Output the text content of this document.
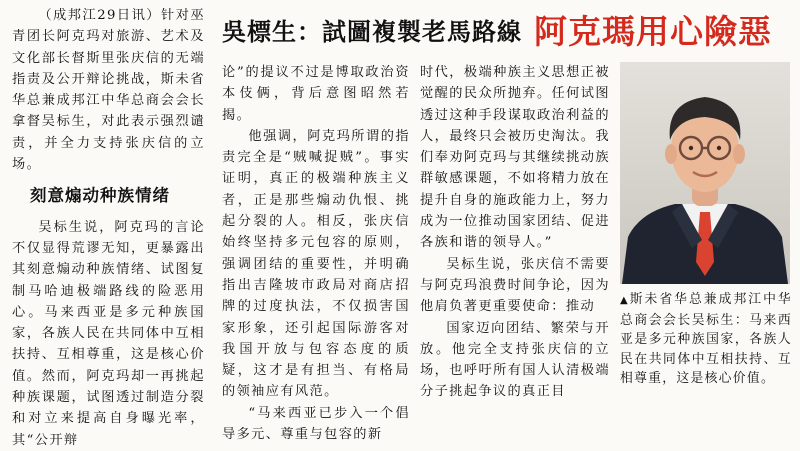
（成邦江29日讯）针对巫青团长阿克玛对旅游、艺术及文化部长督斯里张庆信的无端指责及公开辩论挑战，斯未省华总兼成邦江中华总商会会长拿督吴标生，对此表示强烈谴责，并全力支持张庆信的立场。

刻意煽动种族情绪

吴标生说，阿克玛的言论不仅显得荒谬无知，更暴露出其刻意煽动种族情绪、试图复制马哈迪极端路线的险恶用心。马来西亚是多元种族国家，各族人民在共同体中互相扶持、互相尊重，这是核心价值。然而，阿克玛却一再挑起种族课题，试图透过制造分裂和对立来提高自身曝光率，其“公开辩

吳標生：試圖複製老馬路線 阿克瑪用心險惡

论”的提议不过是博取政治资本伎俩，背后意图昭然若揭。

他强调，阿克玛所谓的指责完全是“贼喊捉贼”。事实证明，真正的极端种族主义者，正是那些煽动仇恨、挑起分裂的人。相反，张庆信始终坚持多元包容的原则，强调团结的重要性，并明确指出吉隆坡市政局对商店招牌的过度执法，不仅损害国家形象，还引起国际游客对我国开放与包容态度的质疑，这才是有担当、有格局的领袖应有风范。

“马来西亚已步入一个倡导多元、尊重与包容的新

时代，极端种族主义思想正被觉醒的民众所抛弃。任何试图透过这种手段谋取政治利益的人，最终只会被历史淘汰。我们奉劝阿克玛与其继续挑动族群敏感课题，不如将精力放在提升自身的施政能力上，努力成为一位推动国家团结、促进各族和谐的领导人。”

吴标生说，张庆信不需要与阿克玛浪费时间争论，因为他肩负著更重要使命：推动

国家迈向团结、繁荣与开放。他完全支持张庆信的立场，也呼吁所有国人认清极端分子挑起争议的真正目

▲斯未省华总兼成邦江中华总商会会长吴标生：马来西亚是多元种族国家，各族人民在共同体中互相扶持、互相尊重，这是核心价值。
